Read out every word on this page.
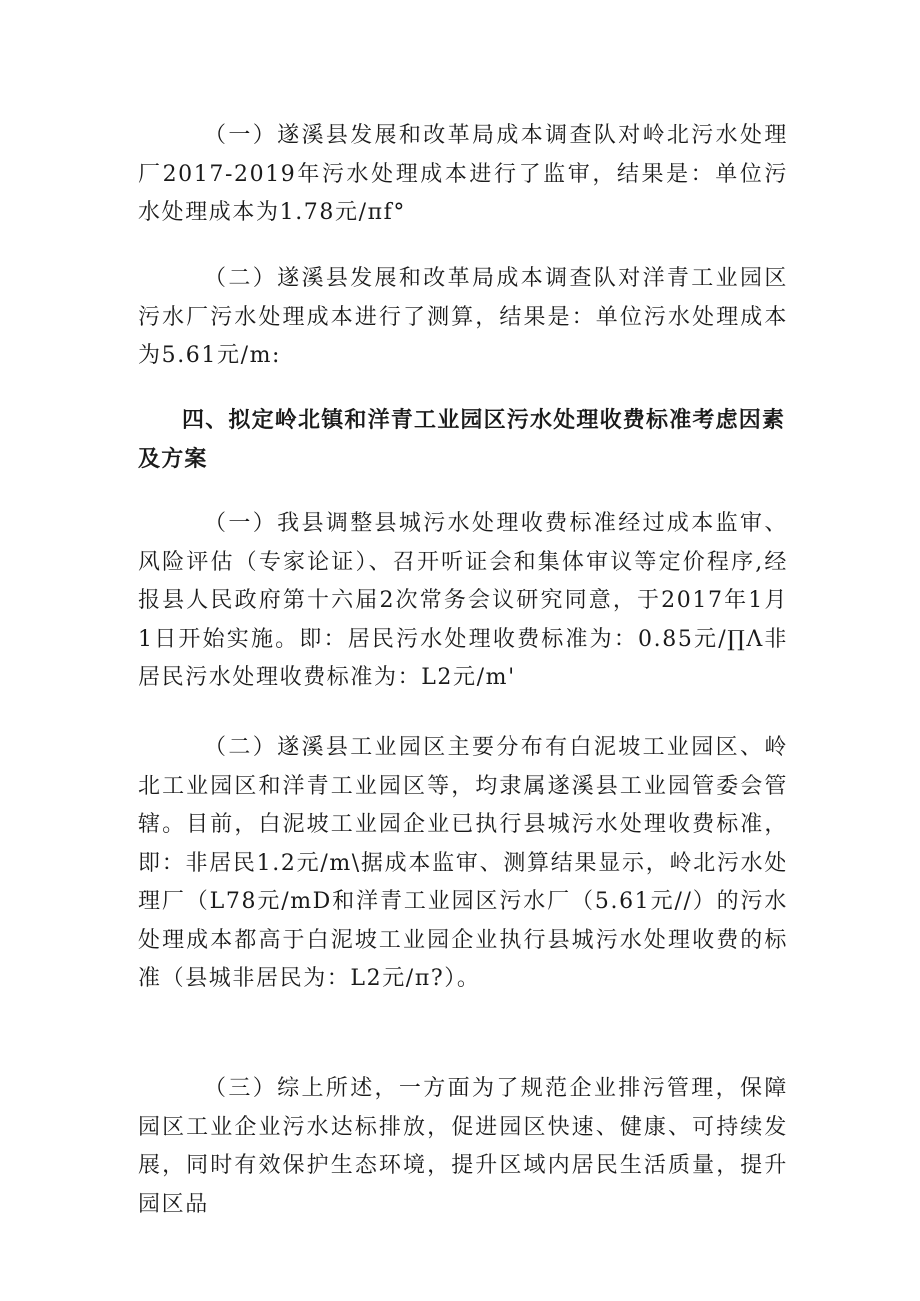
（一）遂溪县发展和改革局成本调查队对岭北污水处理厂2017-2019年污水处理成本进行了监审，结果是：单位污水处理成本为1.78元/πf°

（二）遂溪县发展和改革局成本调查队对洋青工业园区污水厂污水处理成本进行了测算，结果是：单位污水处理成本为5.61元/m:

四、拟定岭北镇和洋青工业园区污水处理收费标准考虑因素及方案

（一）我县调整县城污水处理收费标准经过成本监审、风险评估（专家论证）、召开听证会和集体审议等定价程序,经报县人民政府第十六届2次常务会议研究同意，于2017年1月1日开始实施。即：居民污水处理收费标准为：0.85元/∏Λ非居民污水处理收费标准为：L2元/m'

（二）遂溪县工业园区主要分布有白泥坡工业园区、岭北工业园区和洋青工业园区等，均隶属遂溪县工业园管委会管辖。目前，白泥坡工业园企业已执行县城污水处理收费标准，即：非居民1.2元/m\据成本监审、测算结果显示，岭北污水处理厂（L78元/mD和洋青工业园区污水厂（5.61元//）的污水处理成本都高于白泥坡工业园企业执行县城污水处理收费的标准（县城非居民为：L2元/π?）。

（三）综上所述，一方面为了规范企业排污管理，保障园区工业企业污水达标排放，促进园区快速、健康、可持续发展，同时有效保护生态环境，提升区域内居民生活质量，提升园区品
